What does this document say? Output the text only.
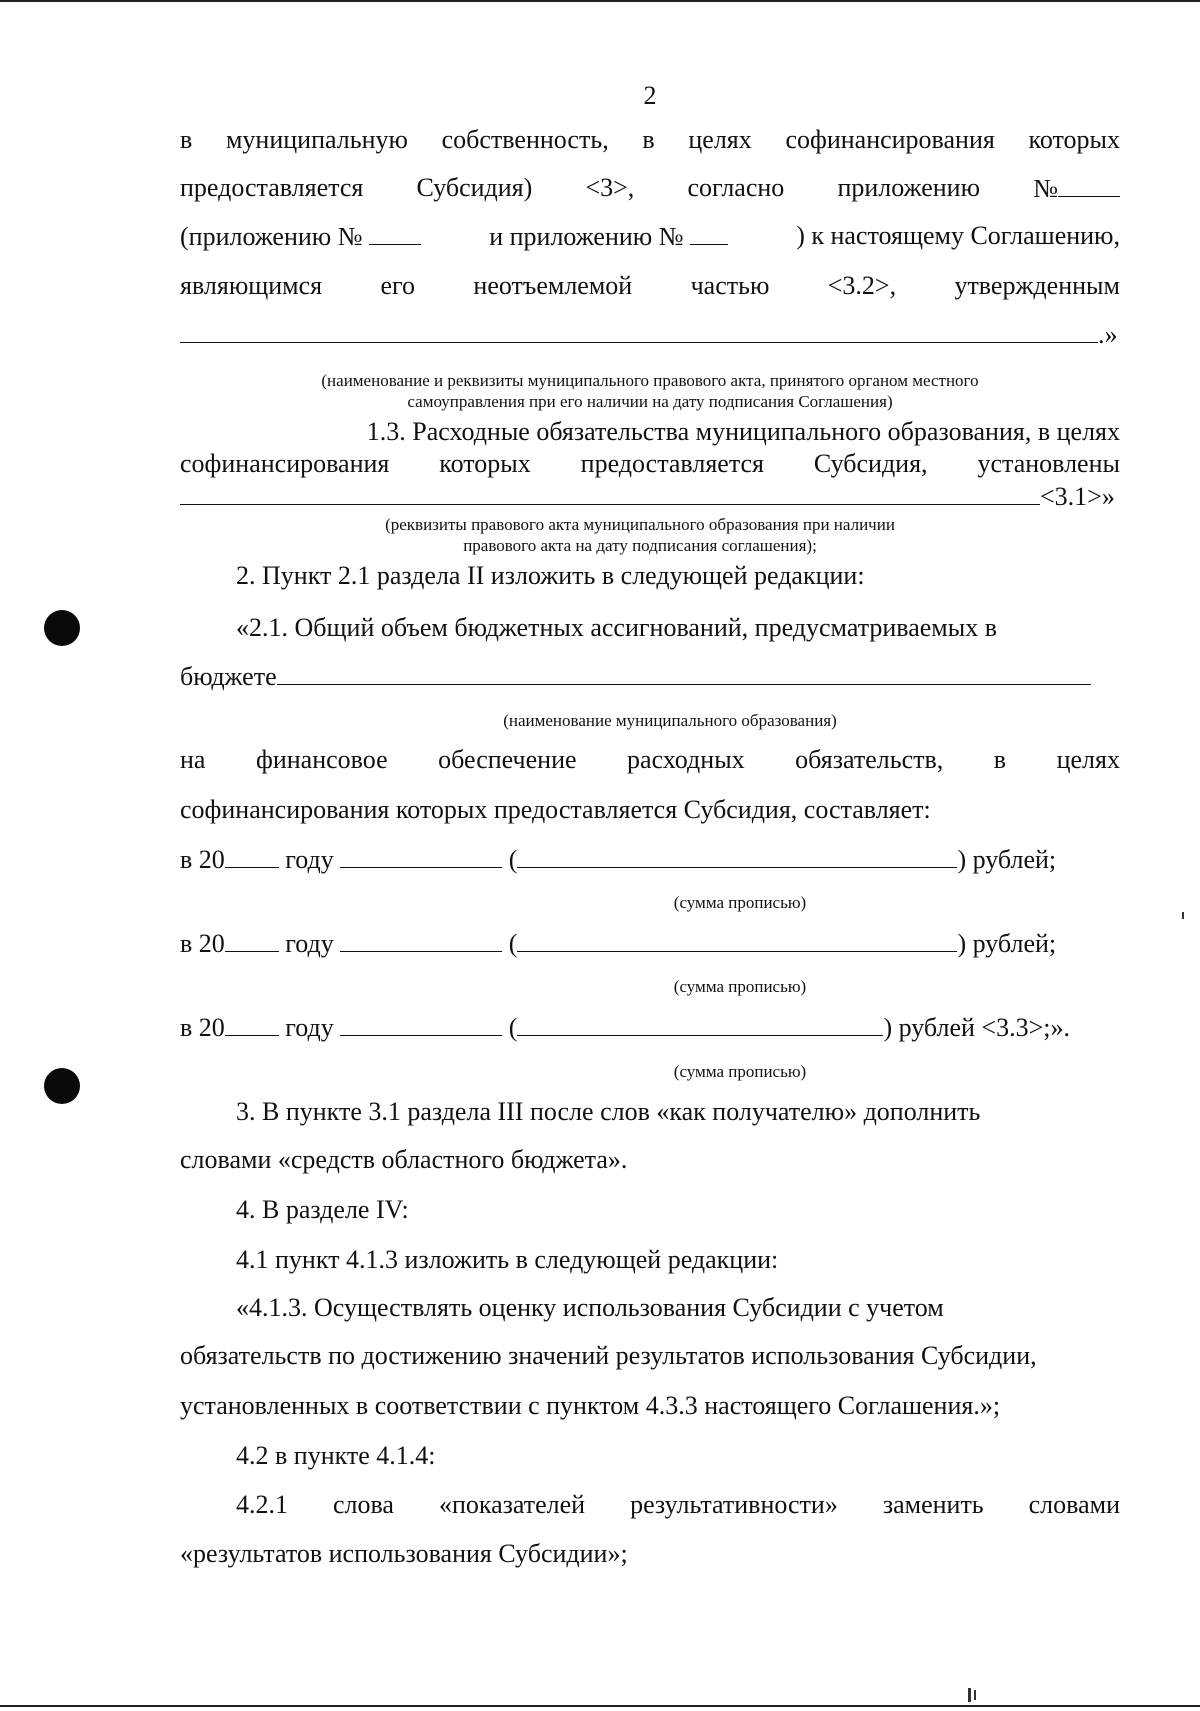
2
в муниципальную собственность, в целях софинансирования которых
предоставляется Субсидия) <3>, согласно приложению №
(приложению №	и приложению №	) к настоящему Соглашению,
являющимся его неотъемлемой частью <3.2>, утвержденным
.»
(наименование и реквизиты муниципального правового акта, принятого органом местного
самоуправления при его наличии на дату подписания Соглашения)
1.3. Расходные обязательства муниципального образования, в целях
софинансирования которых предоставляется Субсидия, установлены
<3.1>»
(реквизиты правового акта муниципального образования при наличии
правового акта на дату подписания соглашения);
2. Пункт 2.1 раздела II изложить в следующей редакции:
«2.1. Общий объем бюджетных ассигнований, предусматриваемых в
бюджете
(наименование муниципального образования)
на финансовое обеспечение расходных обязательств, в целях
софинансирования которых предоставляется Субсидия, составляет:
в 20 году	(	) рублей;
(сумма прописью)
в 20 году	(	) рублей;
(сумма прописью)
в 20 году	(	) рублей <3.3>;».
(сумма прописью)
3. В пункте 3.1 раздела III после слов «как получателю» дополнить
словами «средств областного бюджета».
4. В разделе IV:
4.1 пункт 4.1.3 изложить в следующей редакции:
«4.1.3. Осуществлять оценку использования Субсидии с учетом
обязательств по достижению значений результатов использования Субсидии,
установленных в соответствии с пунктом 4.3.3 настоящего Соглашения.»;
4.2 в пункте 4.1.4:
4.2.1 слова «показателей результативности» заменить словами
«результатов использования Субсидии»;
